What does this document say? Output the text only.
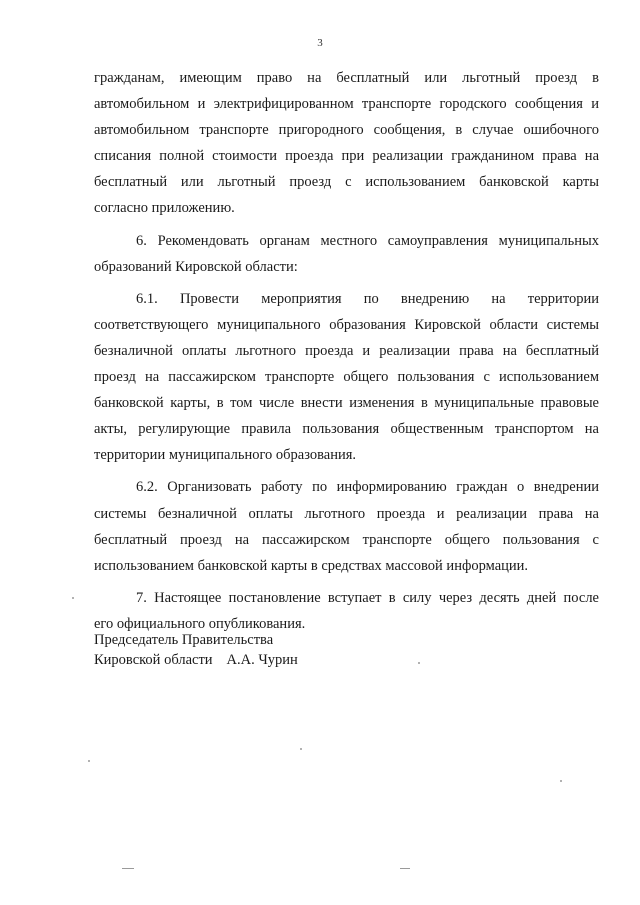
3

гражданам, имеющим право на бесплатный или льготный проезд в
автомобильном и электрифицированном транспорте городского сообщения и
автомобильном транспорте пригородного сообщения, в случае ошибочного
списания полной стоимости проезда при реализации гражданином права на
бесплатный или льготный проезд с использованием банковской карты
согласно приложению.

6. Рекомендовать органам местного самоуправления муниципальных
образований Кировской области:

6.1. Провести мероприятия по внедрению на территории
соответствующего муниципального образования Кировской области системы
безналичной оплаты льготного проезда и реализации права на бесплатный
проезд на пассажирском транспорте общего пользования с использованием
банковской карты, в том числе внести изменения в муниципальные правовые
акты, регулирующие правила пользования общественным транспортом на
территории муниципального образования.

6.2. Организовать работу по информированию граждан о внедрении
системы безналичной оплаты льготного проезда и реализации права на
бесплатный проезд на пассажирском транспорте общего пользования с
использованием банковской карты в средствах массовой информации.

7. Настоящее постановление вступает в силу через десять дней после
его официального опубликования.

Председатель Правительства
Кировской области А.А. Чурин
